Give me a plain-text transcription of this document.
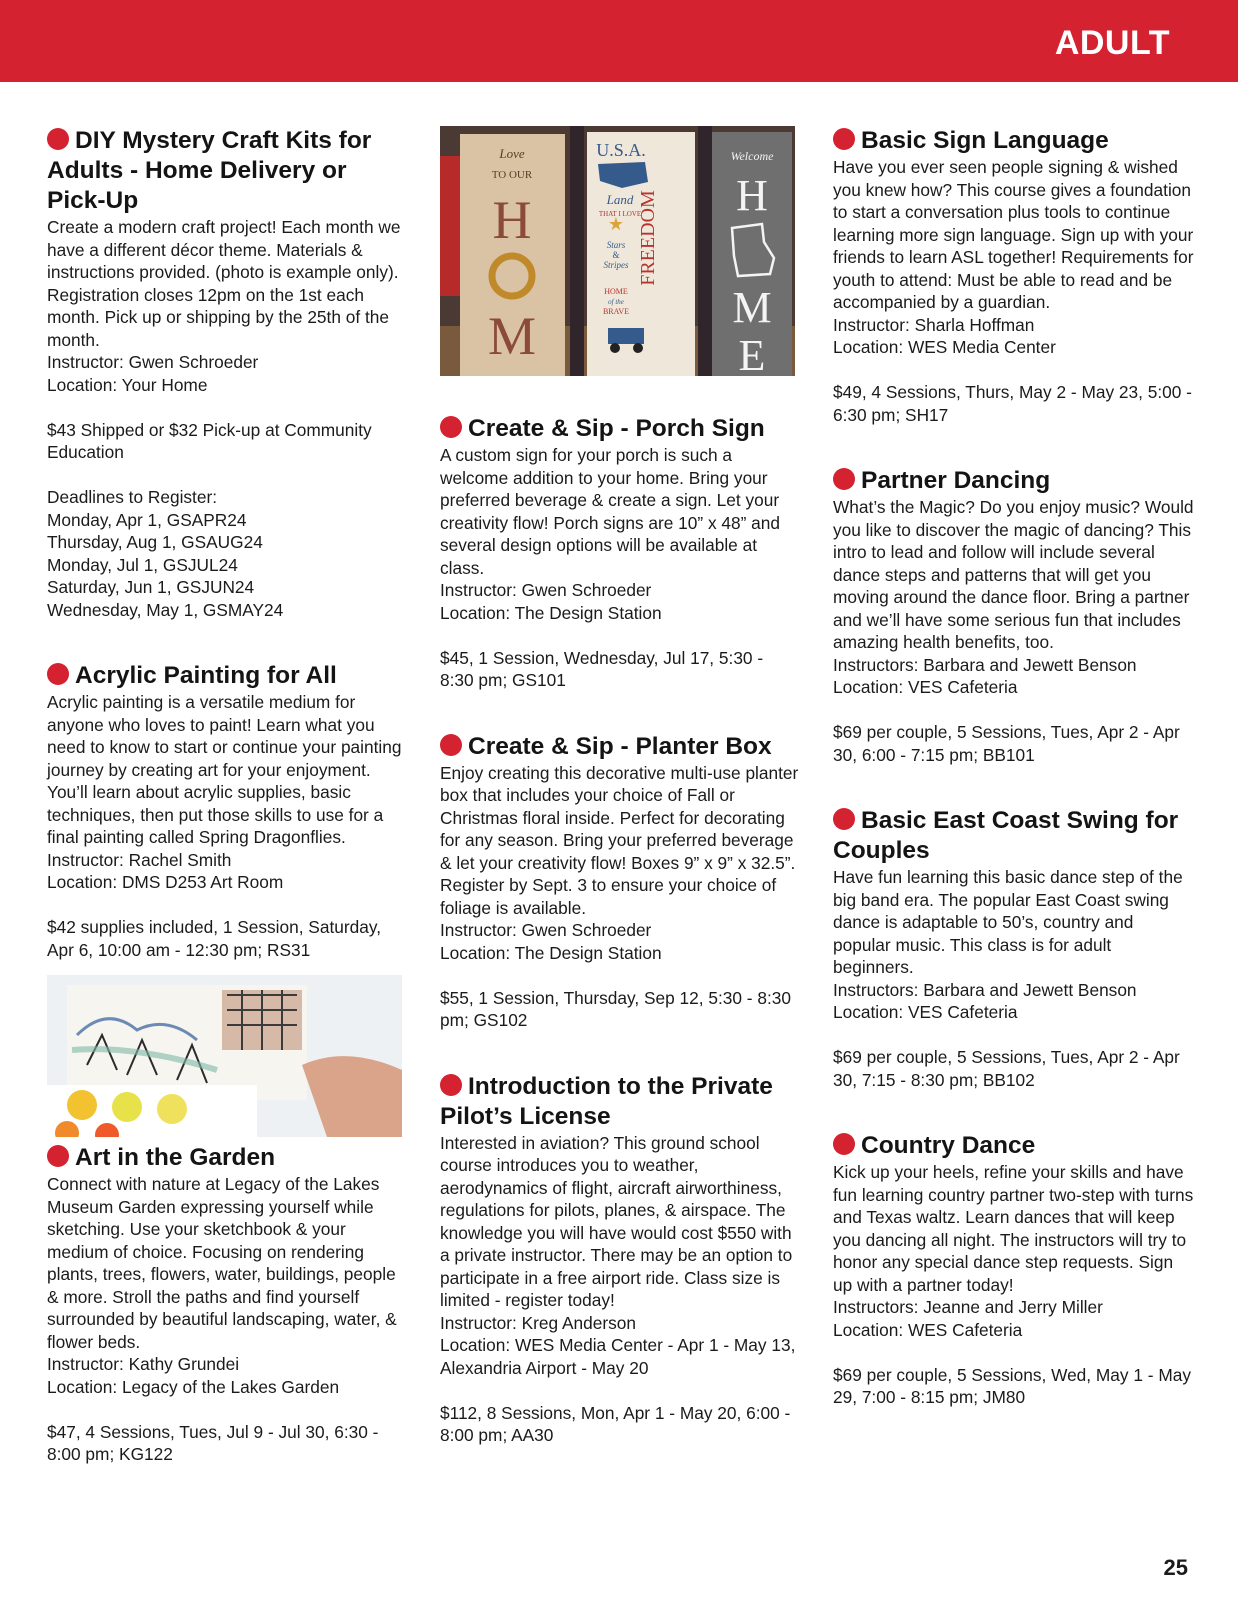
ADULT
DIY Mystery Craft Kits for Adults - Home Delivery or Pick-Up

Create a modern craft project! Each month we have a different décor theme. Materials & instructions provided. (photo is example only). Registration closes 12pm on the 1st each month. Pick up or shipping by the 25th of the month.

Instructor: Gwen Schroeder

Location: Your Home

$43 Shipped or $32 Pick-up at Community Education

Deadlines to Register:

Monday, Apr 1, GSAPR24

Thursday, Aug 1, GSAUG24

Monday, Jul 1, GSJUL24

Saturday, Jun 1, GSJUN24

Wednesday, May 1, GSMAY24

Acrylic Painting for All

Acrylic painting is a versatile medium for anyone who loves to paint! Learn what you need to know to start or continue your painting journey by creating art for your enjoyment. You’ll learn about acrylic supplies, basic techniques, then put those skills to use for a final painting called Spring Dragonflies.

Instructor: Rachel Smith

Location: DMS D253 Art Room

$42 supplies included, 1 Session, Saturday, Apr 6, 10:00 am - 12:30 pm; RS31

Art in the Garden

Connect with nature at Legacy of the Lakes Museum Garden expressing yourself while sketching. Use your sketchbook & your medium of choice. Focusing on rendering plants, trees, flowers, water, buildings, people & more. Stroll the paths and find yourself surrounded by beautiful landscaping, water, & flower beds.

Instructor: Kathy Grundei

Location: Legacy of the Lakes Garden

$47, 4 Sessions, Tues, Jul 9 - Jul 30, 6:30 - 8:00 pm; KG122

Love
TO OUR
H
M
U.S.A.
Land
THAT I LOVE
★
Stars
&
Stripes
HOME
of the
BRAVE
FREEDOM
Welcome
H
M
E
Create & Sip - Porch Sign

A custom sign for your porch is such a welcome addition to your home. Bring your preferred beverage & create a sign. Let your creativity flow! Porch signs are 10” x 48” and several design options will be available at class.

Instructor: Gwen Schroeder

Location: The Design Station

$45, 1 Session, Wednesday, Jul 17, 5:30 - 8:30 pm; GS101

Create & Sip - Planter Box

Enjoy creating this decorative multi-use planter box that includes your choice of Fall or Christmas floral inside. Perfect for decorating for any season. Bring your preferred beverage & let your creativity flow! Boxes 9” x 9” x 32.5”. Register by Sept. 3 to ensure your choice of foliage is available.

Instructor: Gwen Schroeder

Location: The Design Station

$55, 1 Session, Thursday, Sep 12, 5:30 - 8:30 pm; GS102

Introduction to the Private Pilot’s License

Interested in aviation? This ground school course introduces you to weather, aerodynamics of flight, aircraft airworthiness, regulations for pilots, planes, & airspace. The knowledge you will have would cost $550 with a private instructor. There may be an option to participate in a free airport ride. Class size is limited - register today!

Instructor: Kreg Anderson

Location: WES Media Center - Apr 1 - May 13, Alexandria Airport - May 20

$112, 8 Sessions, Mon, Apr 1 - May 20, 6:00 - 8:00 pm; AA30

Basic Sign Language

Have you ever seen people signing & wished you knew how? This course gives a foundation to start a conversation plus tools to continue learning more sign language. Sign up with your friends to learn ASL together! Requirements for youth to attend: Must be able to read and be accompanied by a guardian.

Instructor: Sharla Hoffman

Location: WES Media Center

$49, 4 Sessions, Thurs, May 2 - May 23, 5:00 - 6:30 pm; SH17

Partner Dancing

What’s the Magic? Do you enjoy music? Would you like to discover the magic of dancing? This intro to lead and follow will include several dance steps and patterns that will get you moving around the dance floor. Bring a partner and we’ll have some serious fun that includes amazing health benefits, too.

Instructors: Barbara and Jewett Benson

Location: VES Cafeteria

$69 per couple, 5 Sessions, Tues, Apr 2 - Apr 30, 6:00 - 7:15 pm; BB101

Basic East Coast Swing for Couples

Have fun learning this basic dance step of the big band era. The popular East Coast swing dance is adaptable to 50’s, country and popular music. This class is for adult beginners.

Instructors: Barbara and Jewett Benson

Location: VES Cafeteria

$69 per couple, 5 Sessions, Tues, Apr 2 - Apr 30, 7:15 - 8:30 pm; BB102

Country Dance

Kick up your heels, refine your skills and have fun learning country partner two-step with turns and Texas waltz. Learn dances that will keep you dancing all night. The instructors will try to honor any special dance step requests. Sign up with a partner today!

Instructors: Jeanne and Jerry Miller

Location: WES Cafeteria

$69 per couple, 5 Sessions, Wed, May 1 - May 29, 7:00 - 8:15 pm; JM80

25
